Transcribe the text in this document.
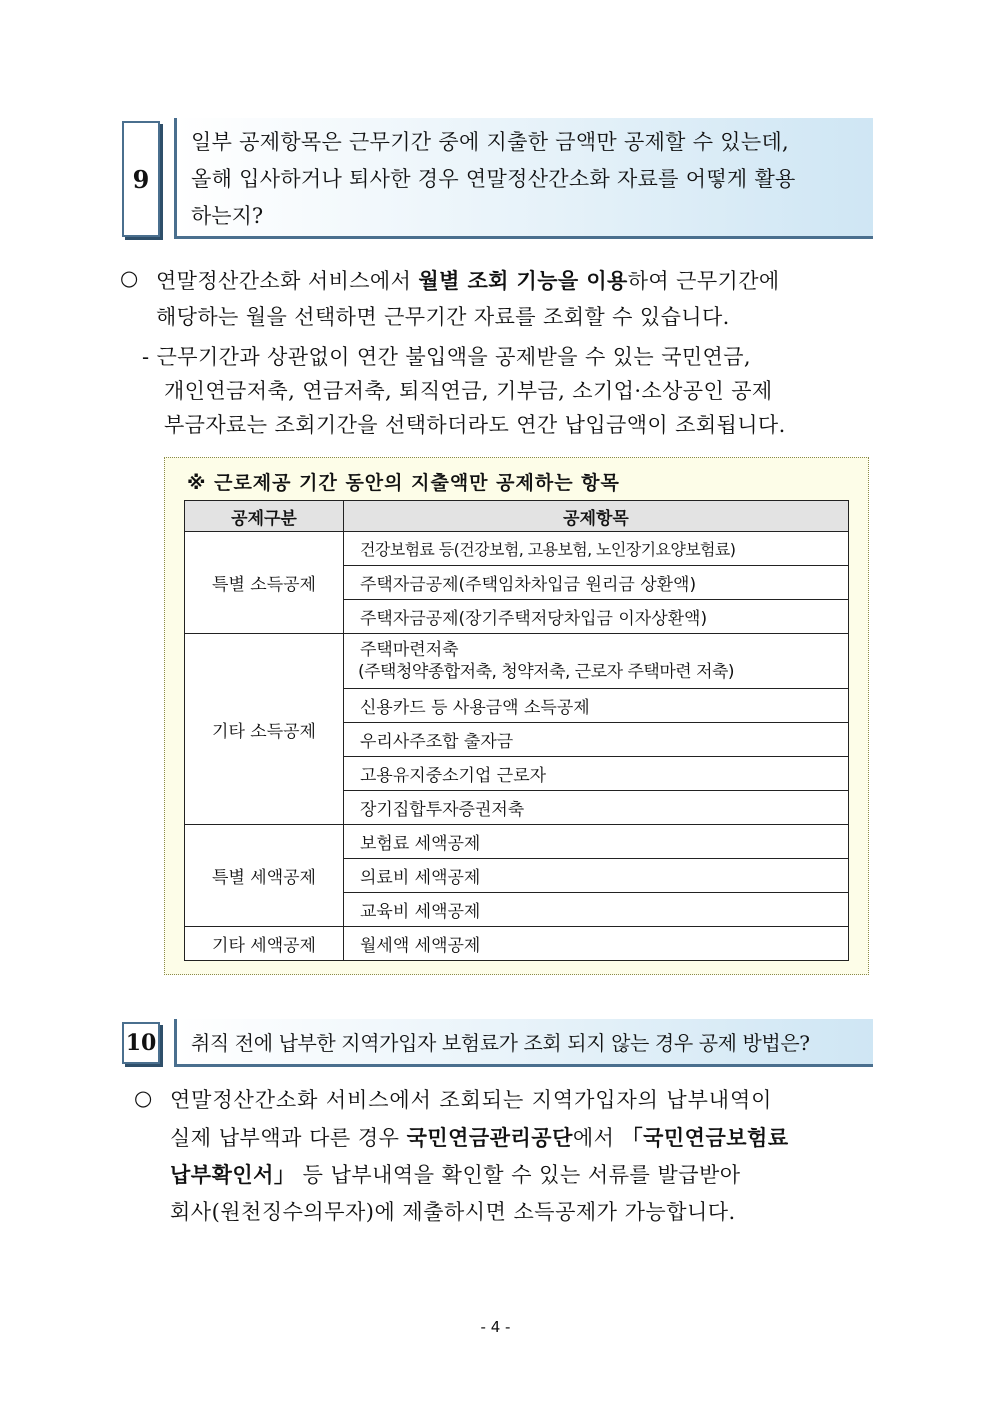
9

일부 공제항목은 근무기간 중에 지출한 금액만 공제할 수 있는데,

올해 입사하거나 퇴사한 경우 연말정산간소화 자료를 어떻게 활용

하는지?

○ 연말정산간소화 서비스에서 월별 조회 기능을 이용하여 근무기간에

해당하는 월을 선택하면 근무기간 자료를 조회할 수 있습니다.

- 근무기간과 상관없이 연간 불입액을 공제받을 수 있는 국민연금,

개인연금저축, 연금저축, 퇴직연금, 기부금, 소기업·소상공인 공제

부금자료는 조회기간을 선택하더라도 연간 납입금액이 조회됩니다.

※ 근로제공 기간 동안의 지출액만 공제하는 항목
공제구분	공제항목
특별 소득공제	건강보험료 등(건강보험, 고용보험, 노인장기요양보험료)
	주택자금공제(주택임차차입금 원리금 상환액)
	주택자금공제(장기주택저당차입금 이자상환액)
기타 소득공제	주택마련저축
(주택청약종합저축, 청약저축, 근로자 주택마련 저축)

	신용카드 등 사용금액 소득공제
	우리사주조합 출자금
	고용유지중소기업 근로자
	장기집합투자증권저축
특별 세액공제	보험료 세액공제
	의료비 세액공제
	교육비 세액공제
기타 세액공제	월세액 세액공제
10 취직 전에 납부한 지역가입자 보험료가 조회 되지 않는 경우 공제 방법은?

○ 연말정산간소화 서비스에서 조회되는 지역가입자의 납부내역이

실제 납부액과 다른 경우 국민연금관리공단에서 「국민연금보험료

납부확인서」 등 납부내역을 확인할 수 있는 서류를 발급받아

회사(원천징수의무자)에 제출하시면 소득공제가 가능합니다.

- 4 -
